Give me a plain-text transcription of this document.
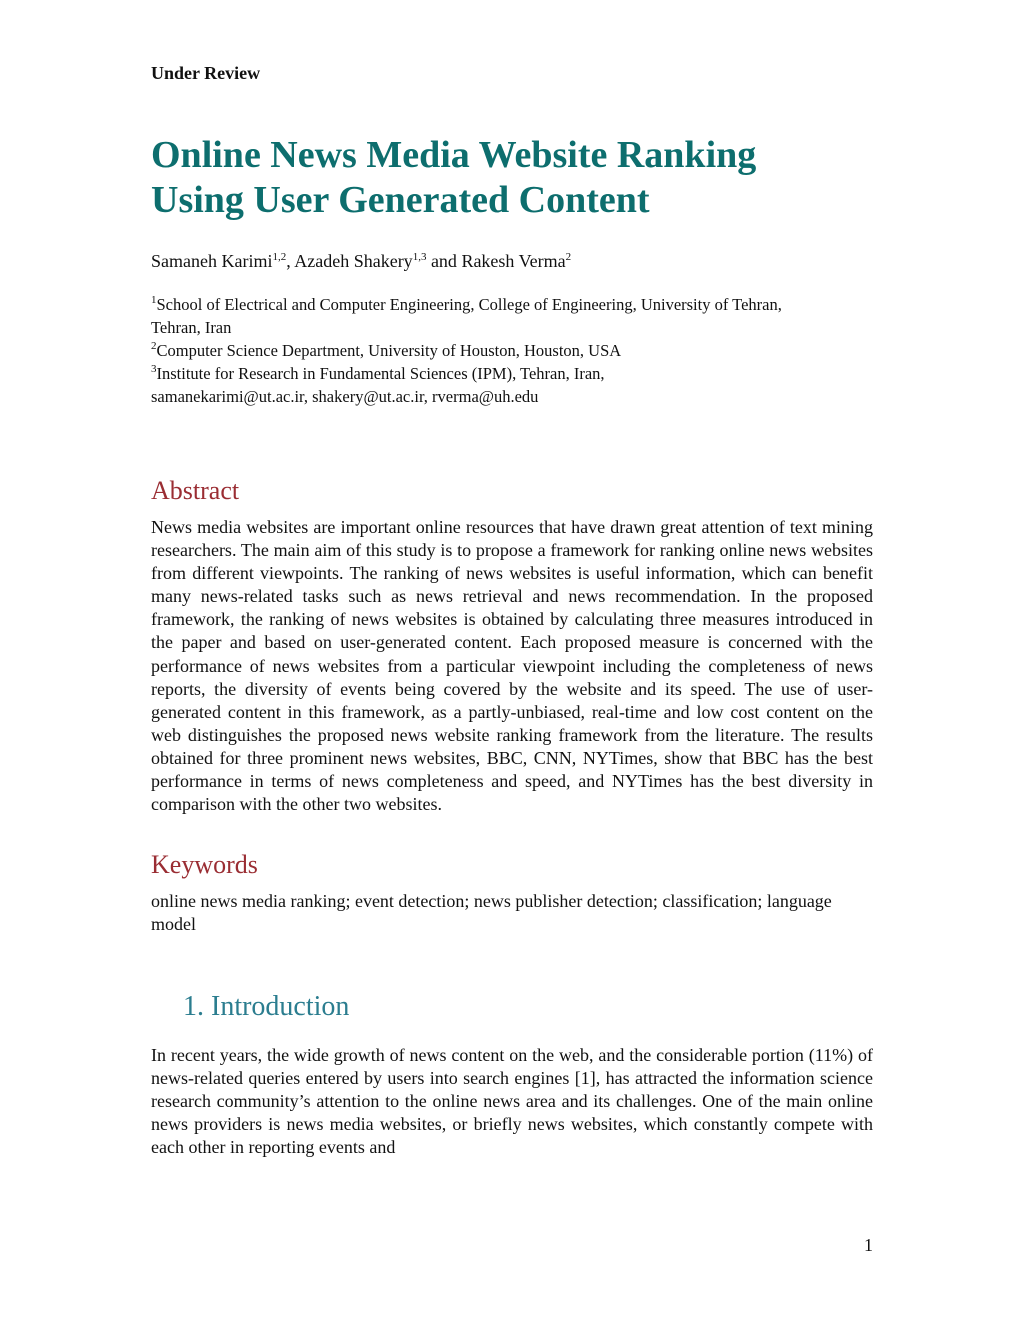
Under Review
Online News Media Website Ranking
Using User Generated Content
Samaneh Karimi$^{1,2}$, Azadeh Shakery$^{1,3}$ and Rakesh Verma$^2$
$^1$School of Electrical and Computer Engineering, College of Engineering, University of Tehran,
Tehran, Iran
$^2$Computer Science Department, University of Houston, Houston, USA
$^3$Institute for Research in Fundamental Sciences (IPM), Tehran, Iran,
samanekarimi@ut.ac.ir, shakery@ut.ac.ir, rverma@uh.edu
Abstract

News media websites are important online resources that have drawn great attention of text mining researchers. The main aim of this study is to propose a framework for ranking online news websites from different viewpoints. The ranking of news websites is useful information, which can benefit many news-related tasks such as news retrieval and news recommendation. In the proposed framework, the ranking of news websites is obtained by calculating three measures introduced in the paper and based on user-generated content. Each proposed measure is concerned with the performance of news websites from a particular viewpoint including the completeness of news reports, the diversity of events being covered by the website and its speed. The use of user-generated content in this framework, as a partly-unbiased, real-time and low cost content on the web distinguishes the proposed news website ranking framework from the literature. The results obtained for three prominent news websites, BBC, CNN, NYTimes, show that BBC has the best performance in terms of news completeness and speed, and NYTimes has the best diversity in comparison with the other two websites.

Keywords

online news media ranking; event detection; news publisher detection; classification; language model

1. Introduction

In recent years, the wide growth of news content on the web, and the considerable portion (11%) of news-related queries entered by users into search engines [1], has attracted the information science research community’s attention to the online news area and its challenges. One of the main online news providers is news media websites, or briefly news websites, which constantly compete with each other in reporting events and

1
